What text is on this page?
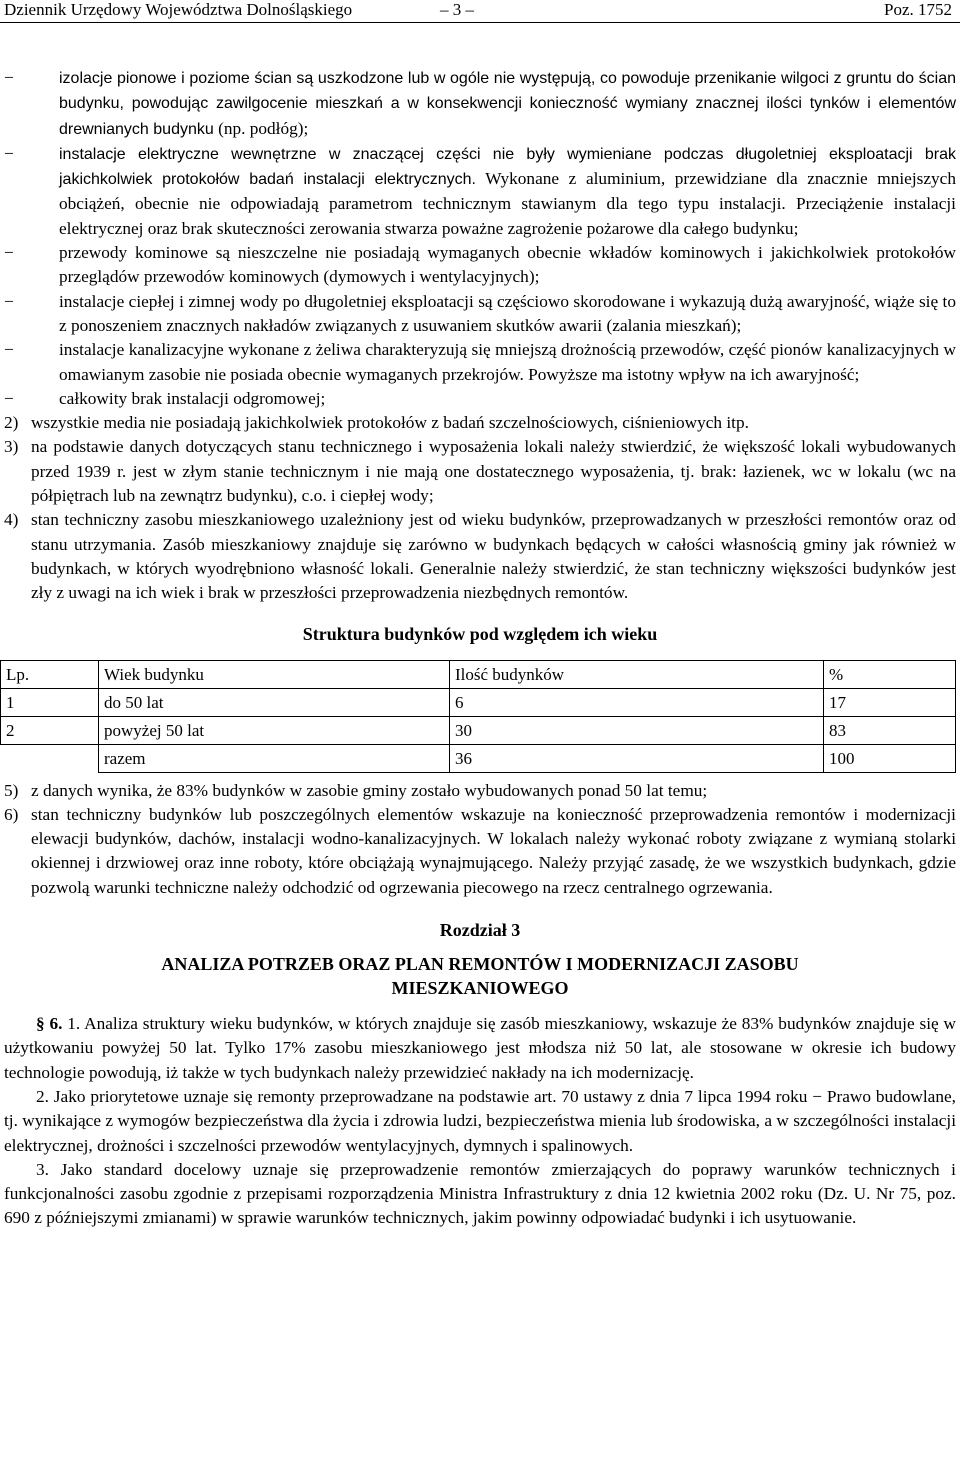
Dziennik Urzędowy Województwa Dolnośląskiego	– 3 –	Poz. 1752
−	izolacje pionowe i poziome ścian są uszkodzone lub w ogóle nie występują, co powoduje przenikanie wilgoci z gruntu do ścian budynku, powodując zawilgocenie mieszkań a w konsekwencji konieczność wymiany znacznej ilości tynków i elementów drewnianych budynku (np. podłóg);
−	instalacje elektryczne wewnętrzne w znaczącej części nie były wymieniane podczas długoletniej eksploatacji brak jakichkolwiek protokołów badań instalacji elektrycznych. Wykonane z aluminium, przewidziane dla znacznie mniejszych obciążeń, obecnie nie odpowiadają parametrom technicznym stawianym dla tego typu instalacji. Przeciążenie instalacji elektrycznej oraz brak skuteczności zerowania stwarza poważne zagrożenie pożarowe dla całego budynku;
−	przewody kominowe są nieszczelne nie posiadają wymaganych obecnie wkładów kominowych i jakichkolwiek protokołów przeglądów przewodów kominowych (dymowych i wentylacyjnych);
−	instalacje ciepłej i zimnej wody po długoletniej eksploatacji są częściowo skorodowane i wykazują dużą awaryjność, wiąże się to z ponoszeniem znacznych nakładów związanych z usuwaniem skutków awarii (zalania mieszkań);
−	instalacje kanalizacyjne wykonane z żeliwa charakteryzują się mniejszą drożnością przewodów, część pionów kanalizacyjnych w omawianym zasobie nie posiada obecnie wymaganych przekrojów. Powyższe ma istotny wpływ na ich awaryjność;
−	całkowity brak instalacji odgromowej;
2) wszystkie media nie posiadają jakichkolwiek protokołów z badań szczelnościowych, ciśnieniowych itp.
3) na podstawie danych dotyczących stanu technicznego i wyposażenia lokali należy stwierdzić, że większość lokali wybudowanych przed 1939 r. jest w złym stanie technicznym i nie mają one dostatecznego wyposażenia, tj. brak: łazienek, wc w lokalu (wc na półpiętrach lub na zewnątrz budynku), c.o. i ciepłej wody;
4) stan techniczny zasobu mieszkaniowego uzależniony jest od wieku budynków, przeprowadzanych w przeszłości remontów oraz od stanu utrzymania. Zasób mieszkaniowy znajduje się zarówno w budynkach będących w całości własnością gminy jak również w budynkach, w których wyodrębniono własność lokali. Generalnie należy stwierdzić, że stan techniczny większości budynków jest zły z uwagi na ich wiek i brak w przeszłości przeprowadzenia niezbędnych remontów.
Struktura budynków pod względem ich wieku
Lp.	Wiek budynku	Ilość budynków	%
1	do 50 lat	6	17
2	powyżej 50 lat	30	83
	razem	36	100
5) z danych wynika, że 83% budynków w zasobie gminy zostało wybudowanych ponad 50 lat temu;
6) stan techniczny budynków lub poszczególnych elementów wskazuje na konieczność przeprowadzenia remontów i modernizacji elewacji budynków, dachów, instalacji wodno-kanalizacyjnych. W lokalach należy wykonać roboty związane z wymianą stolarki okiennej i drzwiowej oraz inne roboty, które obciążają wynajmującego. Należy przyjąć zasadę, że we wszystkich budynkach, gdzie pozwolą warunki techniczne należy odchodzić od ogrzewania piecowego na rzecz centralnego ogrzewania.
Rozdział 3
ANALIZA POTRZEB ORAZ PLAN REMONTÓW I MODERNIZACJI ZASOBU
MIESZKANIOWEGO
§ 6. 1. Analiza struktury wieku budynków, w których znajduje się zasób mieszkaniowy, wskazuje że 83% budynków znajduje się w użytkowaniu powyżej 50 lat. Tylko 17% zasobu mieszkaniowego jest młodsza niż 50 lat, ale stosowane w okresie ich budowy technologie powodują, iż także w tych budynkach należy przewidzieć nakłady na ich modernizację.
2. Jako priorytetowe uznaje się remonty przeprowadzane na podstawie art. 70 ustawy z dnia 7 lipca 1994 roku − Prawo budowlane, tj. wynikające z wymogów bezpieczeństwa dla życia i zdrowia ludzi, bezpieczeństwa mienia lub środowiska, a w szczególności instalacji elektrycznej, drożności i szczelności przewodów wentylacyjnych, dymnych i spalinowych.
3. Jako standard docelowy uznaje się przeprowadzenie remontów zmierzających do poprawy warunków technicznych i funkcjonalności zasobu zgodnie z przepisami rozporządzenia Ministra Infrastruktury z dnia 12 kwietnia 2002 roku (Dz. U. Nr 75, poz. 690 z późniejszymi zmianami) w sprawie warunków technicznych, jakim powinny odpowiadać budynki i ich usytuowanie.
